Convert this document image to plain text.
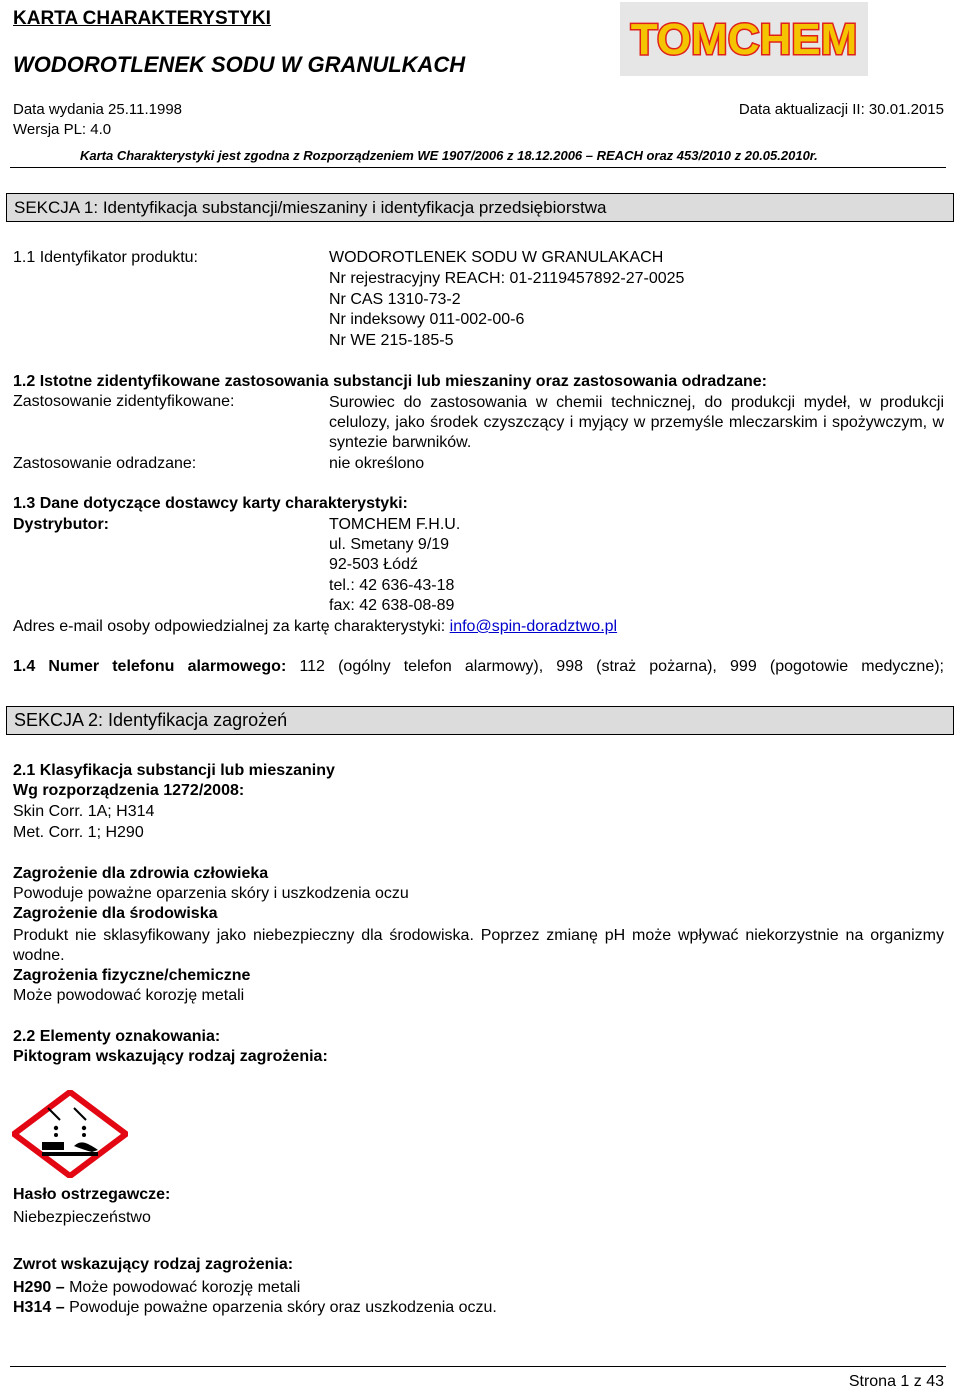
KARTA CHARAKTERYSTYKI
WODOROTLENEK SODU W GRANULKACH
TOMCHEM
Data wydania 25.11.1998	Data aktualizacji II: 30.01.2015
Wersja PL: 4.0
Karta Charakterystyki jest zgodna z Rozporządzeniem WE 1907/2006 z 18.12.2006 – REACH oraz 453/2010 z 20.05.2010r.
SEKCJA 1: Identyfikacja substancji/mieszaniny i identyfikacja przedsiębiorstwa
1.1 Identyfikator produktu:	WODOROTLENEK SODU W GRANULAKACH
Nr rejestracyjny REACH: 01-2119457892-27-0025
Nr CAS 1310-73-2
Nr indeksowy 011-002-00-6
Nr WE 215-185-5
1.2 Istotne zidentyfikowane zastosowania substancji lub mieszaniny oraz zastosowania odradzane:
Zastosowanie zidentyfikowane:	Surowiec do zastosowania w chemii technicznej, do produkcji mydeł, w produkcji celulozy, jako środek czyszczący i myjący w przemyśle mleczarskim i spożywczym, w syntezie barwników.
Zastosowanie odradzane:	nie określono
1.3 Dane dotyczące dostawcy karty charakterystyki:
Dystrybutor:	TOMCHEM F.H.U.
ul. Smetany 9/19
92-503 Łódź
tel.: 42 636-43-18
fax: 42 638-08-89
Adres e-mail osoby odpowiedzialnej za kartę charakterystyki: info@spin-doradztwo.pl
1.4 Numer telefonu alarmowego: 112 (ogólny telefon alarmowy), 998 (straż pożarna), 999 (pogotowie medyczne);
SEKCJA 2: Identyfikacja zagrożeń
2.1 Klasyfikacja substancji lub mieszaniny
Wg rozporządzenia 1272/2008:
Skin Corr. 1A; H314
Met. Corr. 1; H290
Zagrożenie dla zdrowia człowieka
Powoduje poważne oparzenia skóry i uszkodzenia oczu
Zagrożenie dla środowiska
Produkt nie sklasyfikowany jako niebezpieczny dla środowiska. Poprzez zmianę pH może wpływać niekorzystnie na organizmy wodne.
Zagrożenia fizyczne/chemiczne
Może powodować korozję metali
2.2 Elementy oznakowania:
Piktogram wskazujący rodzaj zagrożenia:
Hasło ostrzegawcze:
Niebezpieczeństwo
Zwrot wskazujący rodzaj zagrożenia:
H290 – Może powodować korozję metali
H314 – Powoduje poważne oparzenia skóry oraz uszkodzenia oczu.
Strona 1 z 43
